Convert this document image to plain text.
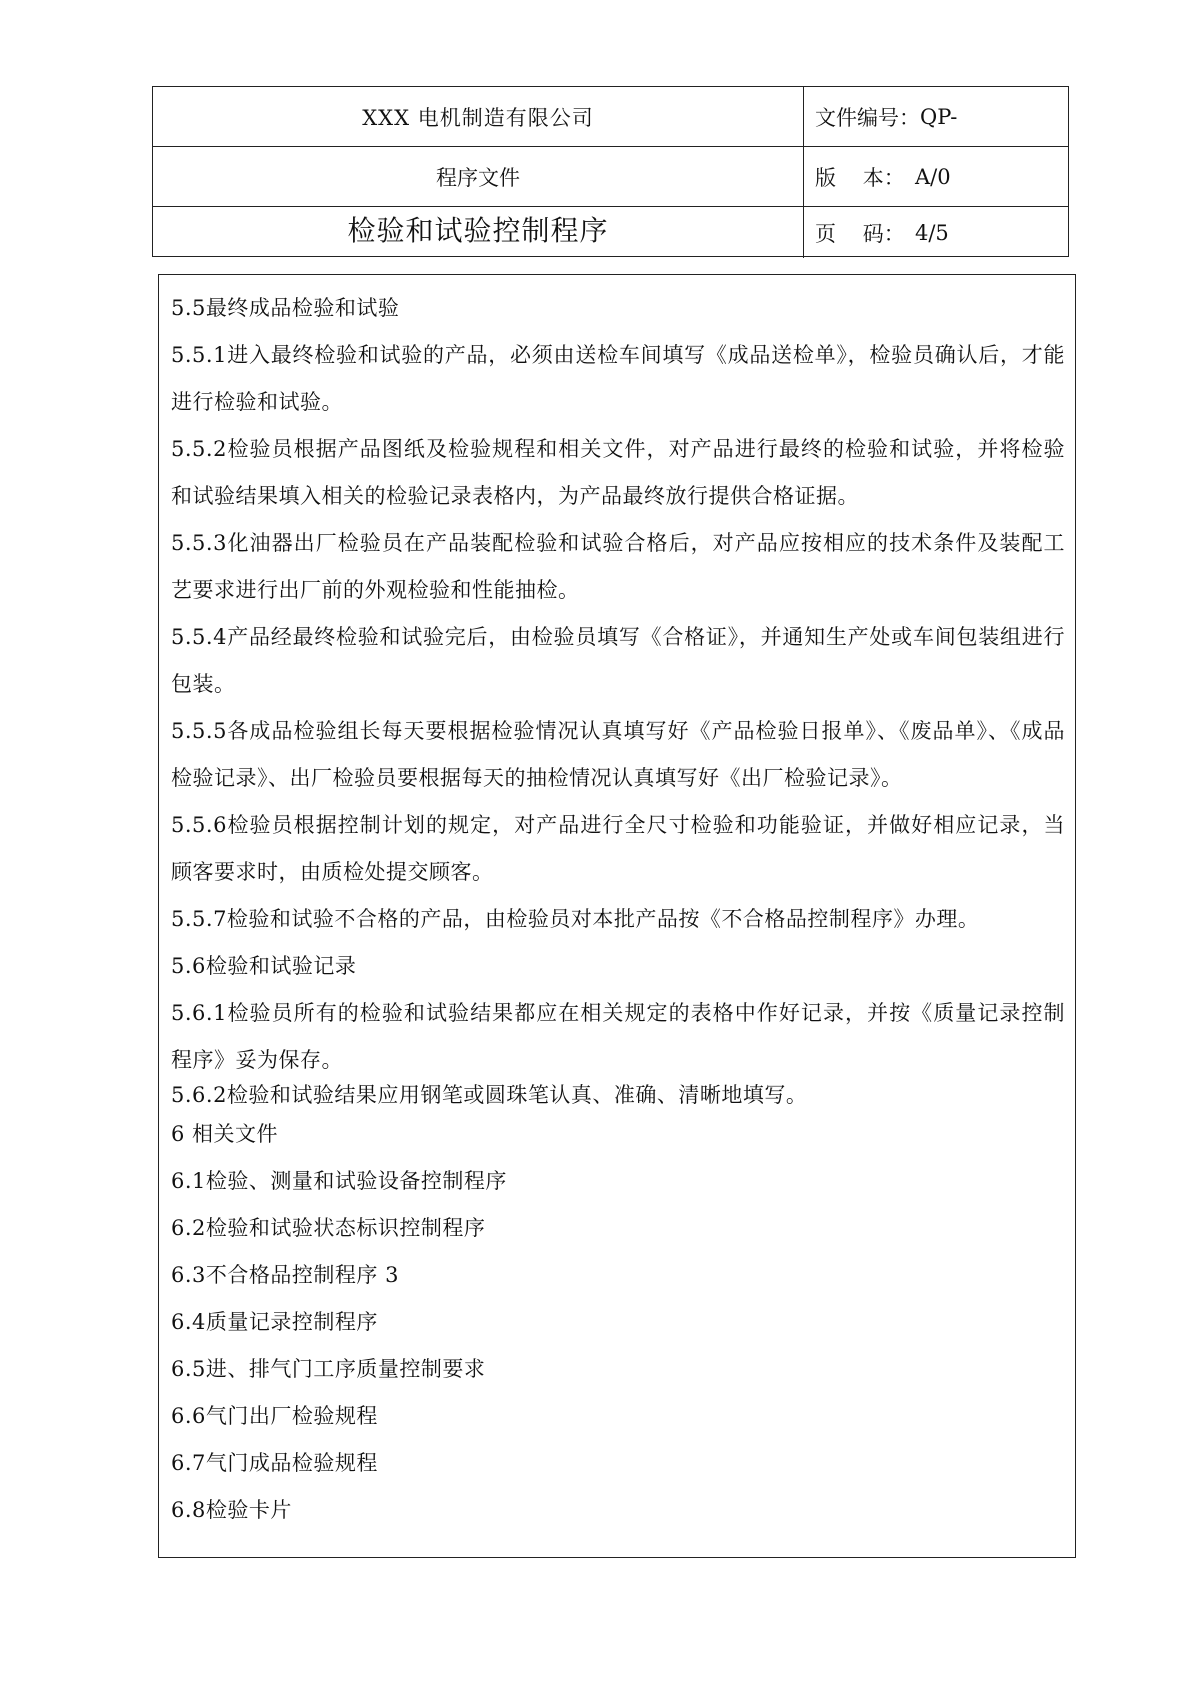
XXX 电机制造有限公司	文件编号： QP-
程序文件	版    本： A/0
检验和试验控制程序	页    码： 4/5
5.5最终成品检验和试验
5.5.1进入最终检验和试验的产品，必须由送检车间填写《成品送检单》，检验员确认后，才能进行检验和试验。
5.5.2检验员根据产品图纸及检验规程和相关文件，对产品进行最终的检验和试验，并将检验和试验结果填入相关的检验记录表格内，为产品最终放行提供合格证据。
5.5.3化油器出厂检验员在产品装配检验和试验合格后，对产品应按相应的技术条件及装配工艺要求进行出厂前的外观检验和性能抽检。
5.5.4产品经最终检验和试验完后，由检验员填写《合格证》，并通知生产处或车间包装组进行包装。
5.5.5各成品检验组长每天要根据检验情况认真填写好《产品检验日报单》、《废品单》、《成品检验记录》、出厂检验员要根据每天的抽检情况认真填写好《出厂检验记录》。
5.5.6检验员根据控制计划的规定，对产品进行全尺寸检验和功能验证，并做好相应记录，当顾客要求时，由质检处提交顾客。
5.5.7检验和试验不合格的产品，由检验员对本批产品按《不合格品控制程序》办理。
5.6检验和试验记录
5.6.1检验员所有的检验和试验结果都应在相关规定的表格中作好记录，并按《质量记录控制程序》妥为保存。
5.6.2检验和试验结果应用钢笔或圆珠笔认真、准确、清晰地填写。
6 相关文件
6.1检验、测量和试验设备控制程序
6.2检验和试验状态标识控制程序
6.3不合格品控制程序 3
6.4质量记录控制程序
6.5进、排气门工序质量控制要求
6.6气门出厂检验规程
6.7气门成品检验规程
6.8检验卡片
